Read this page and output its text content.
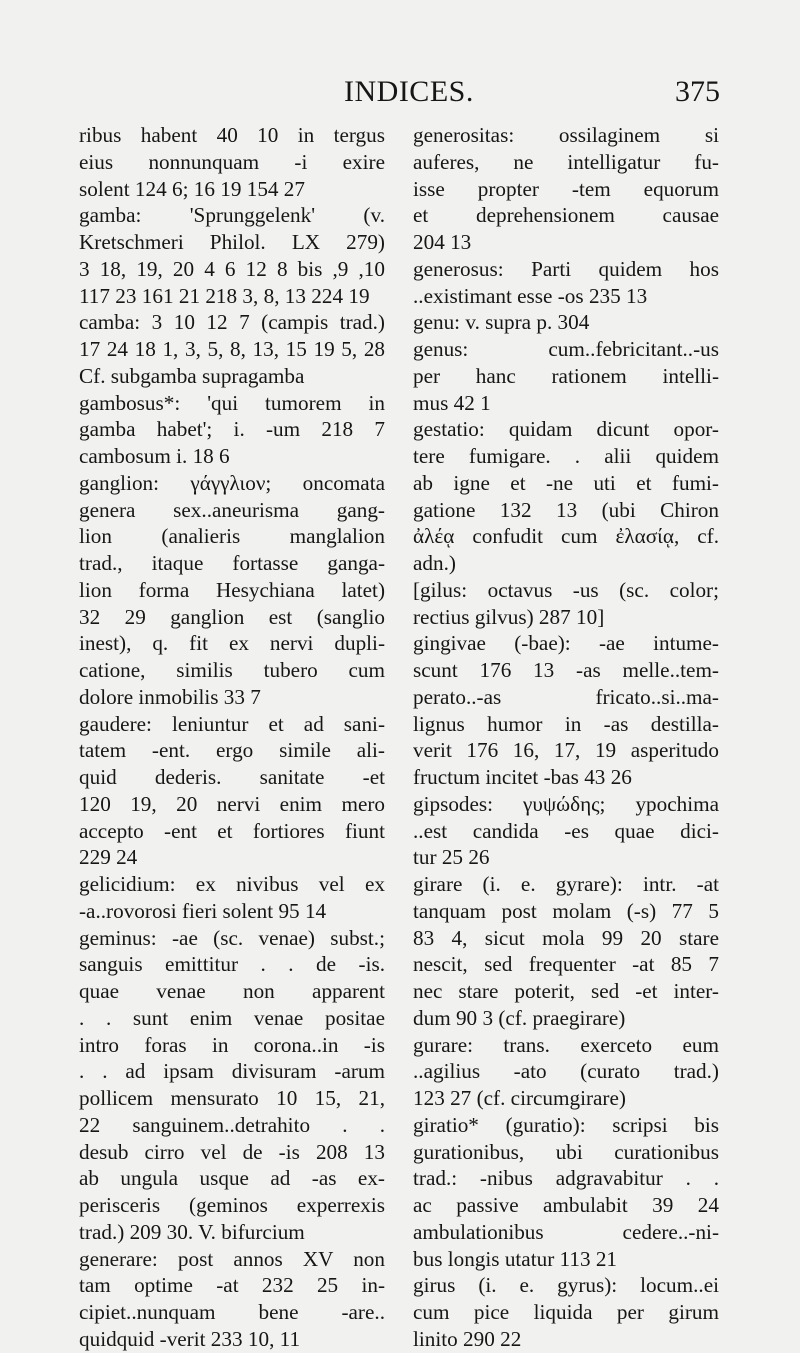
INDICES.	375
ribus habent 40 10 in tergus
eius nonnunquam -i exire
solent 124 6; 16 19 154 27
gamba: 'Sprunggelenk' (v.
Kretschmeri Philol. LX 279)
3 18, 19, 20 4 6 12 8 bis ,9 ,10
117 23 161 21 218 3, 8, 13 224 19
camba: 3 10 12 7 (campis trad.)
17 24 18 1, 3, 5, 8, 13, 15 19 5, 28
Cf. subgamba supragamba
gambosus*: 'qui tumorem in
gamba habet'; i. -um 218 7
cambosum i. 18 6
ganglion: γάγγλιον; oncomata
genera sex..aneurisma gang-
lion (analieris manglalion
trad., itaque fortasse ganga-
lion forma Hesychiana latet)
32 29 ganglion est (sanglio
inest), q. fit ex nervi dupli-
catione, similis tubero cum
dolore inmobilis 33 7
gaudere: leniuntur et ad sani-
tatem -ent. ergo simile ali-
quid dederis. sanitate -et
120 19, 20 nervi enim mero
accepto -ent et fortiores fiunt
229 24
gelicidium: ex nivibus vel ex
-a..rovorosi fieri solent 95 14
geminus: -ae (sc. venae) subst.;
sanguis emittitur . . de -is.
quae venae non apparent
. . sunt enim venae positae
intro foras in corona..in -is
. . ad ipsam divisuram -arum
pollicem mensurato 10 15, 21,
22 sanguinem..detrahito . .
desub cirro vel de -is 208 13
ab ungula usque ad -as ex-
perisceris (geminos experrexis
trad.) 209 30. V. bifurcium
generare: post annos XV non
tam optime -at 232 25 in-
cipiet..nunquam bene -are..
quidquid -verit 233 10, 11
generositas: ossilaginem si
auferes, ne intelligatur fu-
isse propter -tem equorum
et deprehensionem causae
204 13
generosus: Parti quidem hos
..existimant esse -os 235 13
genu: v. supra p. 304
genus: cum..febricitant..-us
per hanc rationem intelli-
mus 42 1
gestatio: quidam dicunt opor-
tere fumigare. . alii quidem
ab igne et -ne uti et fumi-
gatione 132 13 (ubi Chiron
ἀλέᾳ confudit cum ἐλασίᾳ, cf.
adn.)
[gilus: octavus -us (sc. color;
rectius gilvus) 287 10]
gingivae (-bae): -ae intume-
scunt 176 13 -as melle..tem-
perato..-as fricato..si..ma-
lignus humor in -as destilla-
verit 176 16, 17, 19 asperitudo
fructum incitet -bas 43 26
gipsodes: γυψώδης; ypochima
..est candida -es quae dici-
tur 25 26
girare (i. e. gyrare): intr. -at
tanquam post molam (-s) 77 5
83 4, sicut mola 99 20 stare
nescit, sed frequenter -at 85 7
nec stare poterit, sed -et inter-
dum 90 3 (cf. praegirare)
gurare: trans. exerceto eum
..agilius -ato (curato trad.)
123 27 (cf. circumgirare)
giratio* (guratio): scripsi bis
gurationibus, ubi curationibus
trad.: -nibus adgravabitur . .
ac passive ambulabit 39 24
ambulationibus cedere..-ni-
bus longis utatur 113 21
girus (i. e. gyrus): locum..ei
cum pice liquida per girum
linito 290 22
